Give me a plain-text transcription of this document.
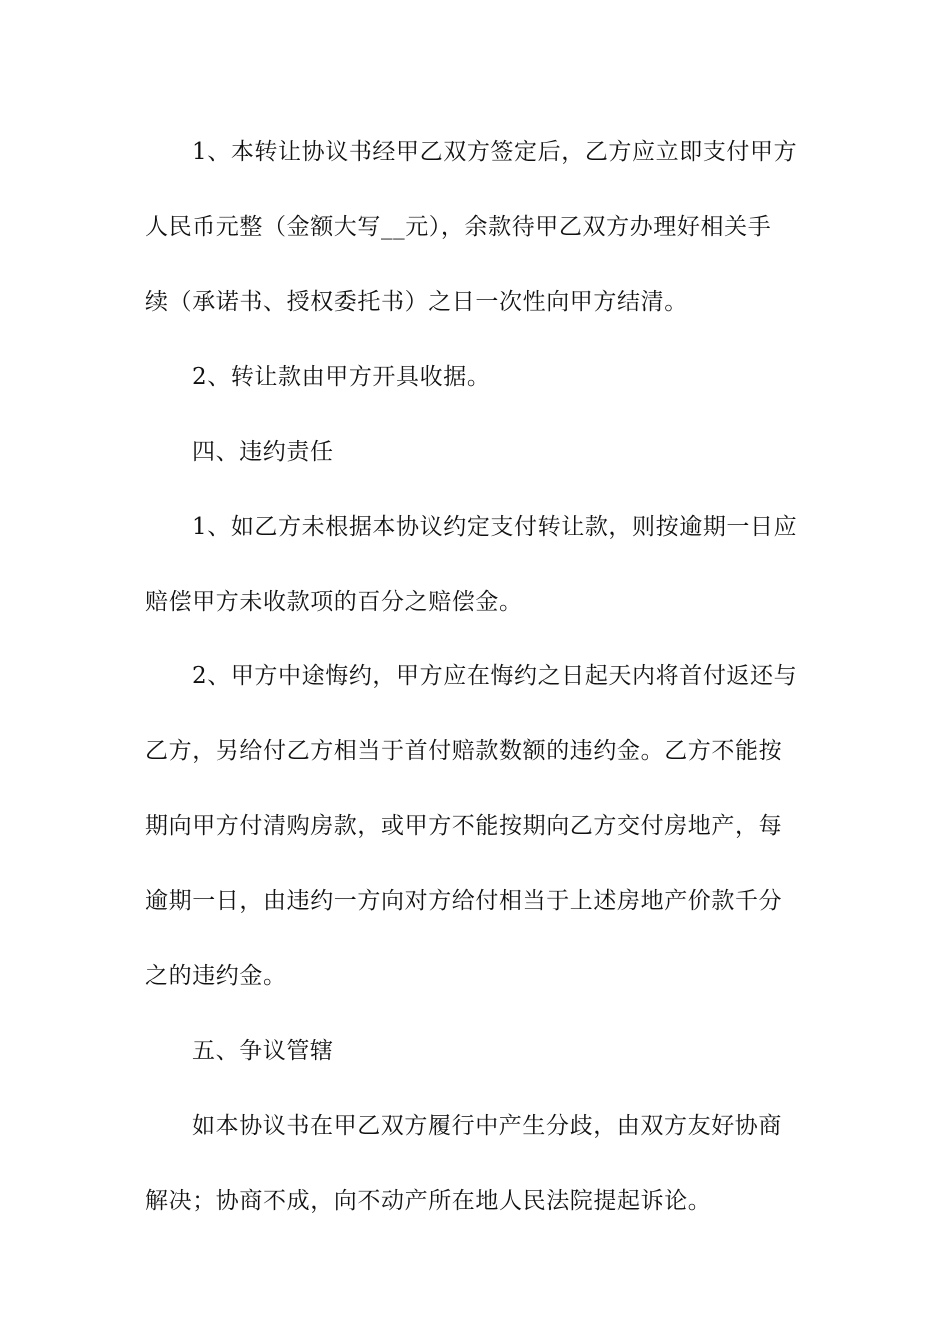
1、本转让协议书经甲乙双方签定后，乙方应立即支付甲方
人民币元整（金额大写__元），余款待甲乙双方办理好相关手
续（承诺书、授权委托书）之日一次性向甲方结清。
2、转让款由甲方开具收据。
四、违约责任
1、如乙方未根据本协议约定支付转让款，则按逾期一日应
赔偿甲方未收款项的百分之赔偿金。
2、甲方中途悔约，甲方应在悔约之日起天内将首付返还与
乙方，另给付乙方相当于首付赔款数额的违约金。乙方不能按
期向甲方付清购房款，或甲方不能按期向乙方交付房地产，每
逾期一日，由违约一方向对方给付相当于上述房地产价款千分
之的违约金。
五、争议管辖
如本协议书在甲乙双方履行中产生分歧，由双方友好协商
解决；协商不成，向不动产所在地人民法院提起诉论。
